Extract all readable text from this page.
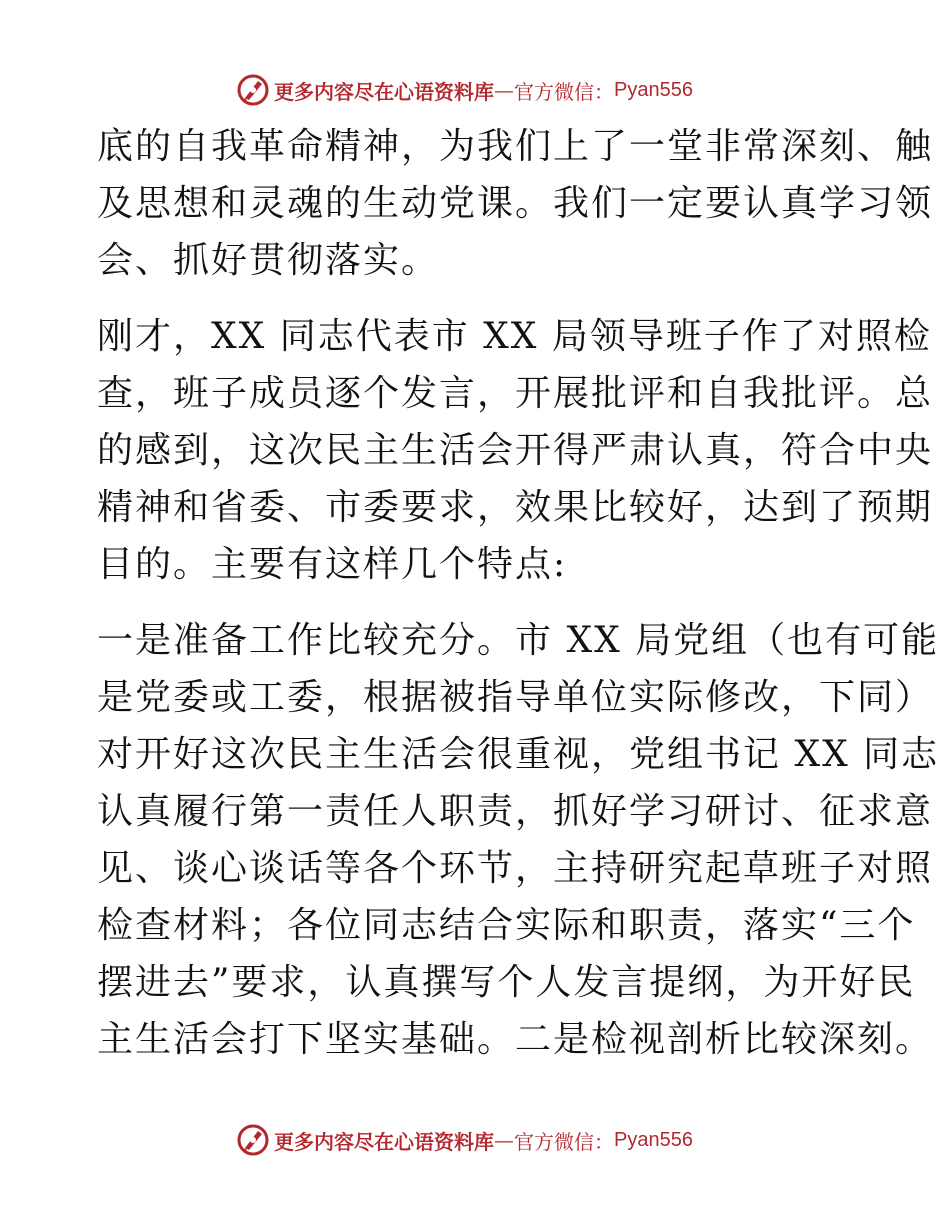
更多内容尽在心语资料库 — 官方微信： Pyan556
底的自我革命精神，为我们上了一堂非常深刻、触
及思想和灵魂的生动党课。我们一定要认真学习领
会、抓好贯彻落实。
刚才，XX 同志代表市 XX 局领导班子作了对照检
查，班子成员逐个发言，开展批评和自我批评。总
的感到，这次民主生活会开得严肃认真，符合中央
精神和省委、市委要求，效果比较好，达到了预期
目的。主要有这样几个特点:
一是准备工作比较充分。市 XX 局党组（也有可能
是党委或工委，根据被指导单位实际修改，下同）
对开好这次民主生活会很重视，党组书记 XX 同志
认真履行第一责任人职责，抓好学习研讨、征求意
见、谈心谈话等各个环节，主持研究起草班子对照
检查材料；各位同志结合实际和职责，落实“三个
摆进去”要求，认真撰写个人发言提纲，为开好民
主生活会打下坚实基础。二是检视剖析比较深刻。
更多内容尽在心语资料库 — 官方微信： Pyan556
